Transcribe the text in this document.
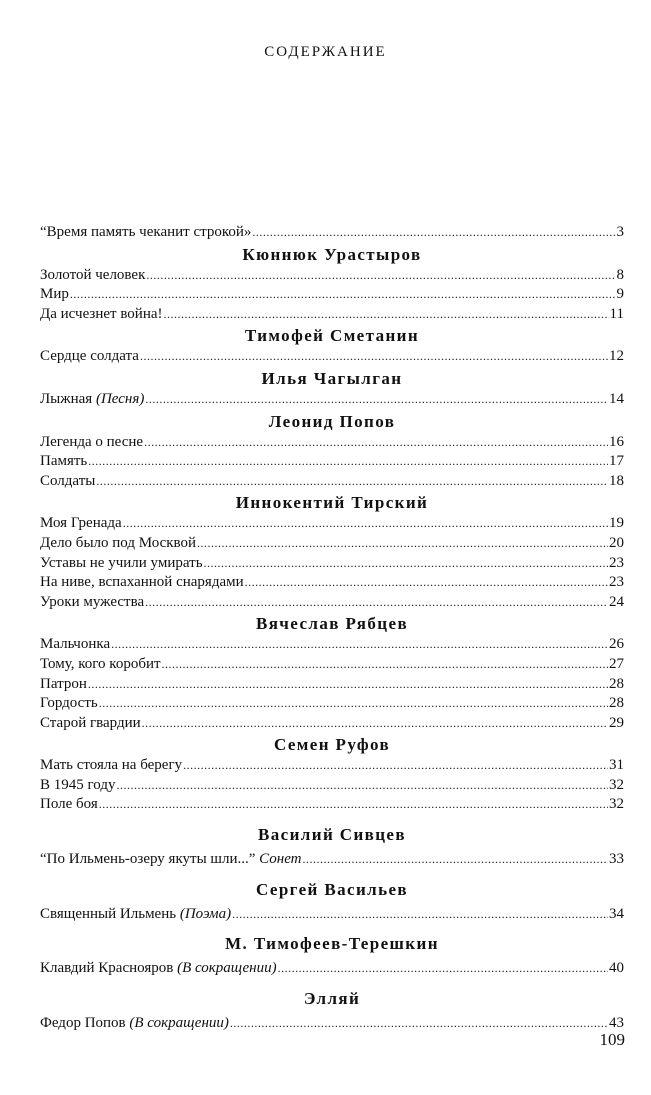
СОДЕРЖАНИЕ
“Время память чеканит строкой» .....	3
Кюннюк Урастыров
Золотой человек .....	8
Мир .....	9
Да исчезнет война! .....	11
Тимофей Сметанин
Сердце солдата .....	12
Илья Чагылган
Лыжная (Песня) .....	14
Леонид Попов
Легенда о песне .....	16
Память .....	17
Солдаты .....	18
Иннокентий Тирский
Моя Гренада .....	19
Дело было под Москвой .....	20
Уставы не учили умирать .....	23
На ниве, вспаханной снарядами .....	23
Уроки мужества .....	24
Вячеслав Рябцев
Мальчонка .....	26
Тому, кого коробит .....	27
Патрон .....	28
Гордость .....	28
Старой гвардии .....	29
Семен Руфов
Мать стояла на берегу .....	31
В 1945 году .....	32
Поле боя .....	32
Василий Сивцев
“По Ильмень-озеру якуты шли...” Сонет .....	33
Сергей Васильев
Священный Ильмень (Поэма) .....	34
М. Тимофеев-Терешкин
Клавдий Краснояров (В сокращении) .....	40
Элляй
Федор Попов (В сокращении) .....	43
109
